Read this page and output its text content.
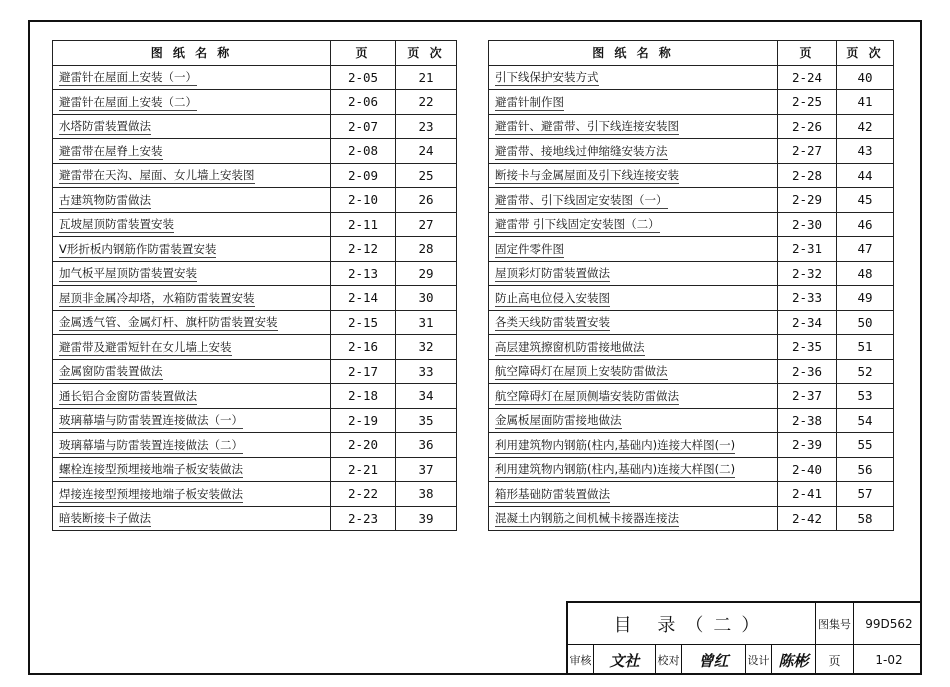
图 纸 名 称	页	页 次
避雷针在屋面上安装（一）	2-05	21
避雷针在屋面上安装（二）	2-06	22
水塔防雷装置做法	2-07	23
避雷带在屋脊上安装	2-08	24
避雷带在天沟、屋面、女儿墙上安装图	2-09	25
古建筑物防雷做法	2-10	26
瓦坡屋顶防雷装置安装	2-11	27
V形折板内钢筋作防雷装置安装	2-12	28
加气板平屋顶防雷装置安装	2-13	29
屋顶非金属冷却塔，水箱防雷装置安装	2-14	30
金属透气管、金属灯杆、旗杆防雷装置安装	2-15	31
避雷带及避雷短针在女儿墙上安装	2-16	32
金属窗防雷装置做法	2-17	33
通长铝合金窗防雷装置做法	2-18	34
玻璃幕墙与防雷装置连接做法（一）	2-19	35
玻璃幕墙与防雷装置连接做法（二）	2-20	36
螺栓连接型预埋接地端子板安装做法	2-21	37
焊接连接型预埋接地端子板安装做法	2-22	38
暗装断接卡子做法	2-23	39
图 纸 名 称	页	页 次
引下线保护安装方式	2-24	40
避雷针制作图	2-25	41
避雷针、避雷带、引下线连接安装图	2-26	42
避雷带、接地线过伸缩缝安装方法	2-27	43
断接卡与金属屋面及引下线连接安装	2-28	44
避雷带、引下线固定安装图（一）	2-29	45
避雷带 引下线固定安装图（二）	2-30	46
固定件零件图	2-31	47
屋顶彩灯防雷装置做法	2-32	48
防止高电位侵入安装图	2-33	49
各类天线防雷装置安装	2-34	50
高层建筑擦窗机防雷接地做法	2-35	51
航空障碍灯在屋顶上安装防雷做法	2-36	52
航空障碍灯在屋顶侧墙安装防雷做法	2-37	53
金属板屋面防雷接地做法	2-38	54
利用建筑物内钢筋(柱内,基础内)连接大样图(一)	2-39	55
利用建筑物内钢筋(柱内,基础内)连接大样图(二)	2-40	56
箱形基础防雷装置做法	2-41	57
混凝土内钢筋之间机械卡接器连接法	2-42	58
目 录（二）	图集号 99D562
审核 文社 校对 曾红 设计 陈彬 页	1-02
